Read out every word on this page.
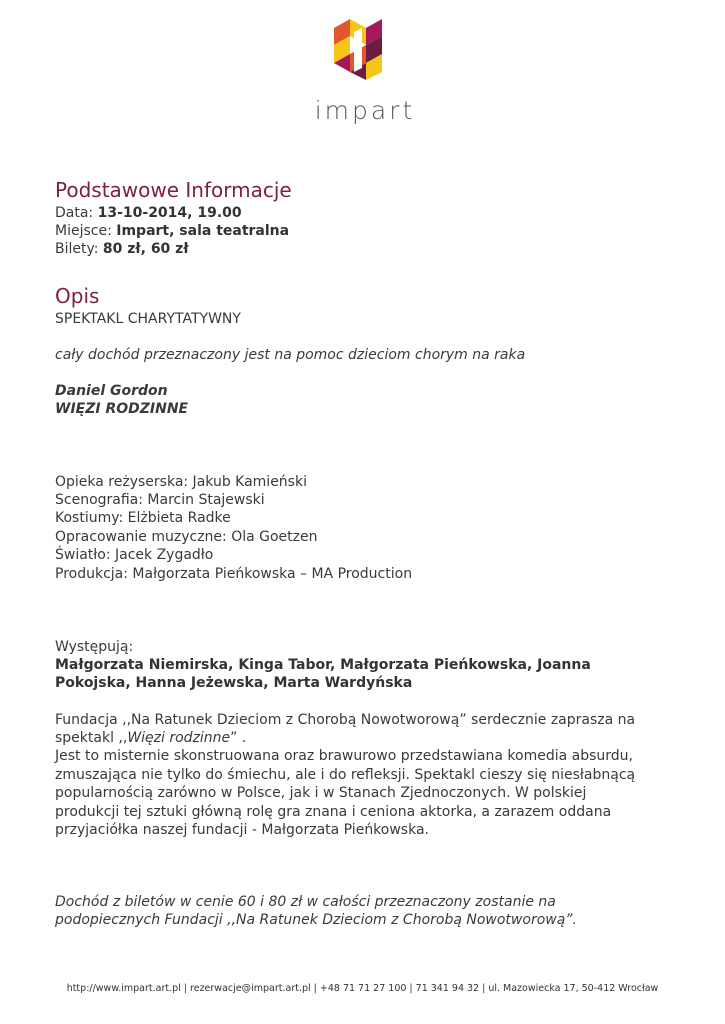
impart
Podstawowe Informacje
Data: 13-10-2014, 19.00
Miejsce: Impart, sala teatralna
Bilety: 80 zł, 60 zł
Opis
SPEKTAKL CHARYTATYWNY
cały dochód przeznaczony jest na pomoc dzieciom chorym na raka
Daniel Gordon
WIĘZI RODZINNE
Opieka reżyserska: Jakub Kamieński
Scenografia: Marcin Stajewski
Kostiumy: Elżbieta Radke
Opracowanie muzyczne: Ola Goetzen
Światło: Jacek Zygadło
Produkcja: Małgorzata Pieńkowska – MA Production
Występują:
Małgorzata Niemirska, Kinga Tabor, Małgorzata Pieńkowska, Joanna
Pokojska, Hanna Jeżewska, Marta Wardyńska
Fundacja ,,Na Ratunek Dzieciom z Chorobą Nowotworową” serdecznie zaprasza na
spektakl ,,Więzi rodzinne” .
Jest to misternie skonstruowana oraz brawurowo przedstawiana komedia absurdu,
zmuszająca nie tylko do śmiechu, ale i do refleksji. Spektakl cieszy się niesłabnącą
popularnością zarówno w Polsce, jak i w Stanach Zjednoczonych. W polskiej
produkcji tej sztuki główną rolę gra znana i ceniona aktorka, a zarazem oddana
przyjaciółka naszej fundacji - Małgorzata Pieńkowska.
Dochód z biletów w cenie 60 i 80 zł w całości przeznaczony zostanie na
podopiecznych Fundacji ,,Na Ratunek Dzieciom z Chorobą Nowotworową”.
http://www.impart.art.pl | rezerwacje@impart.art.pl | +48 71 71 27 100 | 71 341 94 32 | ul. Mazowiecka 17, 50-412 Wrocław
